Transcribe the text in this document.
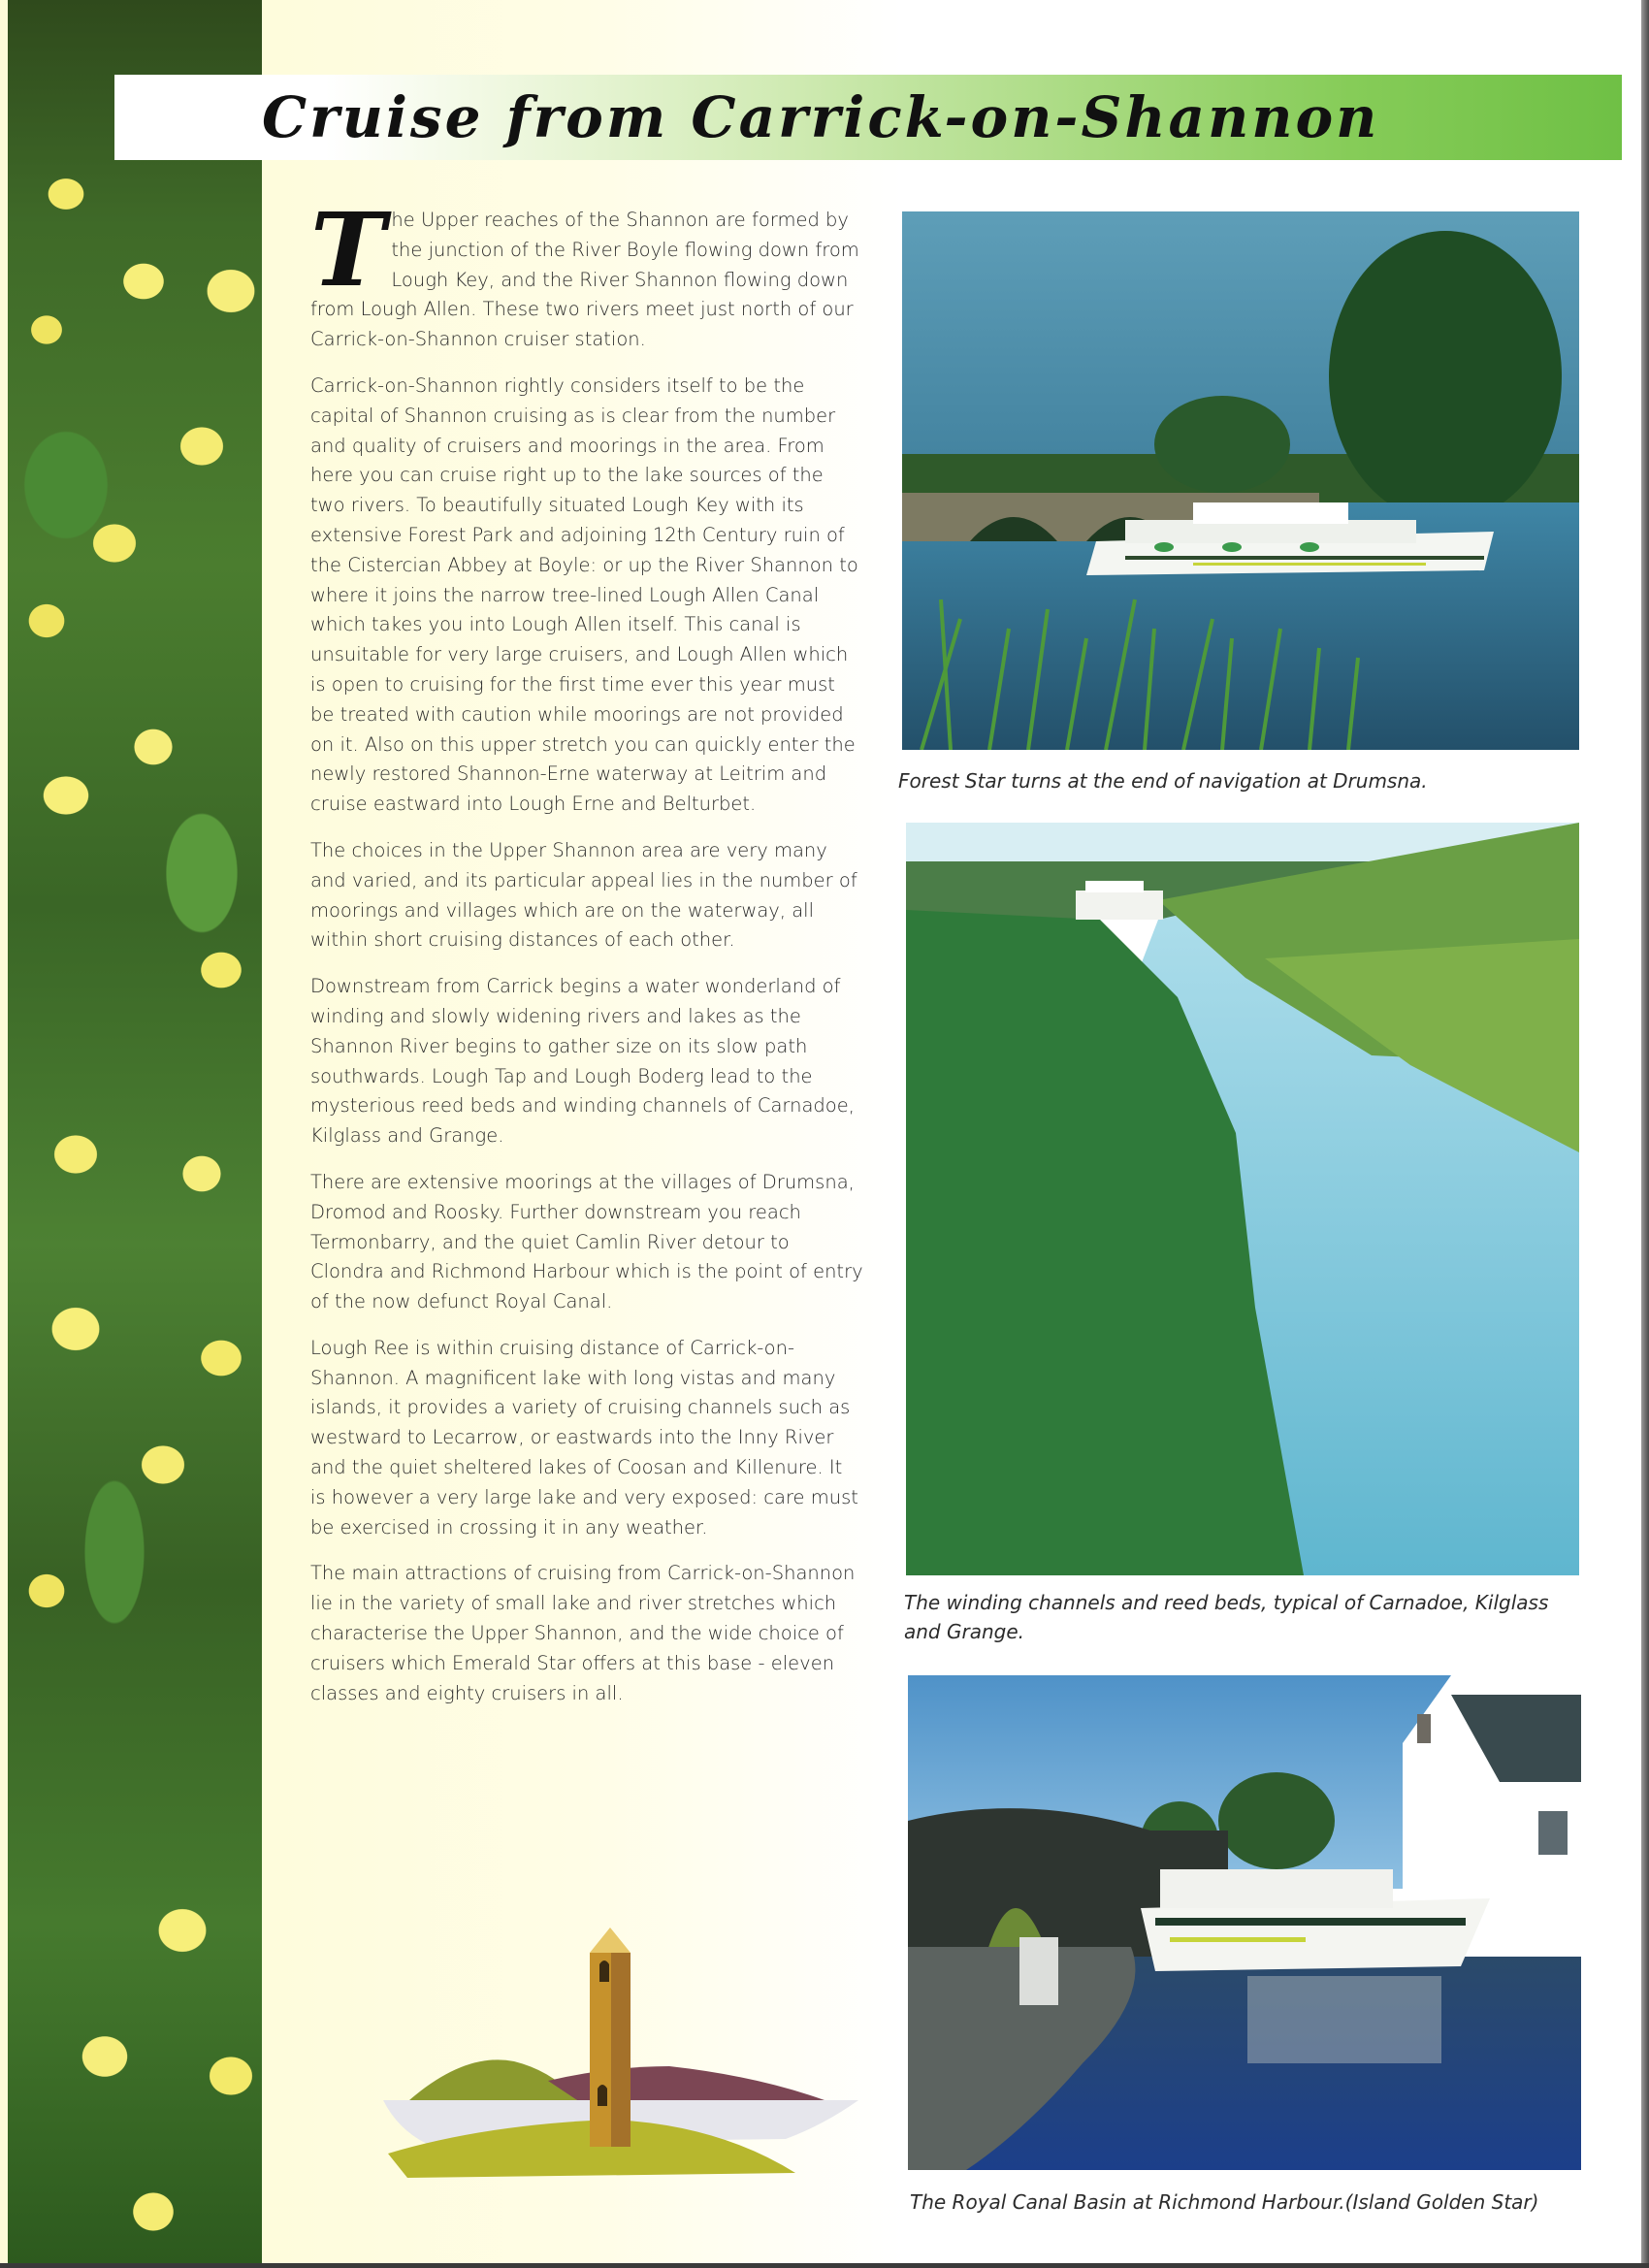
Cruise from Carrick-on-Shannon

The Upper reaches of the Shannon are formed by the junction of the River Boyle flowing down from Lough Key, and the River Shannon flowing down from Lough Allen. These two rivers meet just north of our Carrick-on-Shannon cruiser station.

Carrick-on-Shannon rightly considers itself to be the capital of Shannon cruising as is clear from the number and quality of cruisers and moorings in the area. From here you can cruise right up to the lake sources of the two rivers. To beautifully situated Lough Key with its extensive Forest Park and adjoining 12th Century ruin of the Cistercian Abbey at Boyle: or up the River Shannon to where it joins the narrow tree-lined Lough Allen Canal which takes you into Lough Allen itself. This canal is unsuitable for very large cruisers, and Lough Allen which is open to cruising for the first time ever this year must be treated with caution while moorings are not provided on it. Also on this upper stretch you can quickly enter the newly restored Shannon-Erne waterway at Leitrim and cruise eastward into Lough Erne and Belturbet.

The choices in the Upper Shannon area are very many and varied, and its particular appeal lies in the number of moorings and villages which are on the waterway, all within short cruising distances of each other.

Downstream from Carrick begins a water wonderland of winding and slowly widening rivers and lakes as the Shannon River begins to gather size on its slow path southwards. Lough Tap and Lough Boderg lead to the mysterious reed beds and winding channels of Carnadoe, Kilglass and Grange.

There are extensive moorings at the villages of Drumsna, Dromod and Roosky. Further downstream you reach Termonbarry, and the quiet Camlin River detour to Clondra and Richmond Harbour which is the point of entry of the now defunct Royal Canal.

Lough Ree is within cruising distance of Carrick-on-Shannon. A magnificent lake with long vistas and many islands, it provides a variety of cruising channels such as westward to Lecarrow, or eastwards into the Inny River and the quiet sheltered lakes of Coosan and Killenure. It is however a very large lake and very exposed: care must be exercised in crossing it in any weather.

The main attractions of cruising from Carrick-on-Shannon lie in the variety of small lake and river stretches which characterise the Upper Shannon, and the wide choice of cruisers which Emerald Star offers at this base - eleven classes and eighty cruisers in all.

Forest Star turns at the end of navigation at Drumsna.
The winding channels and reed beds, typical of Carnadoe, Kilglass and Grange.
The Royal Canal Basin at Richmond Harbour.(Island Golden Star)
